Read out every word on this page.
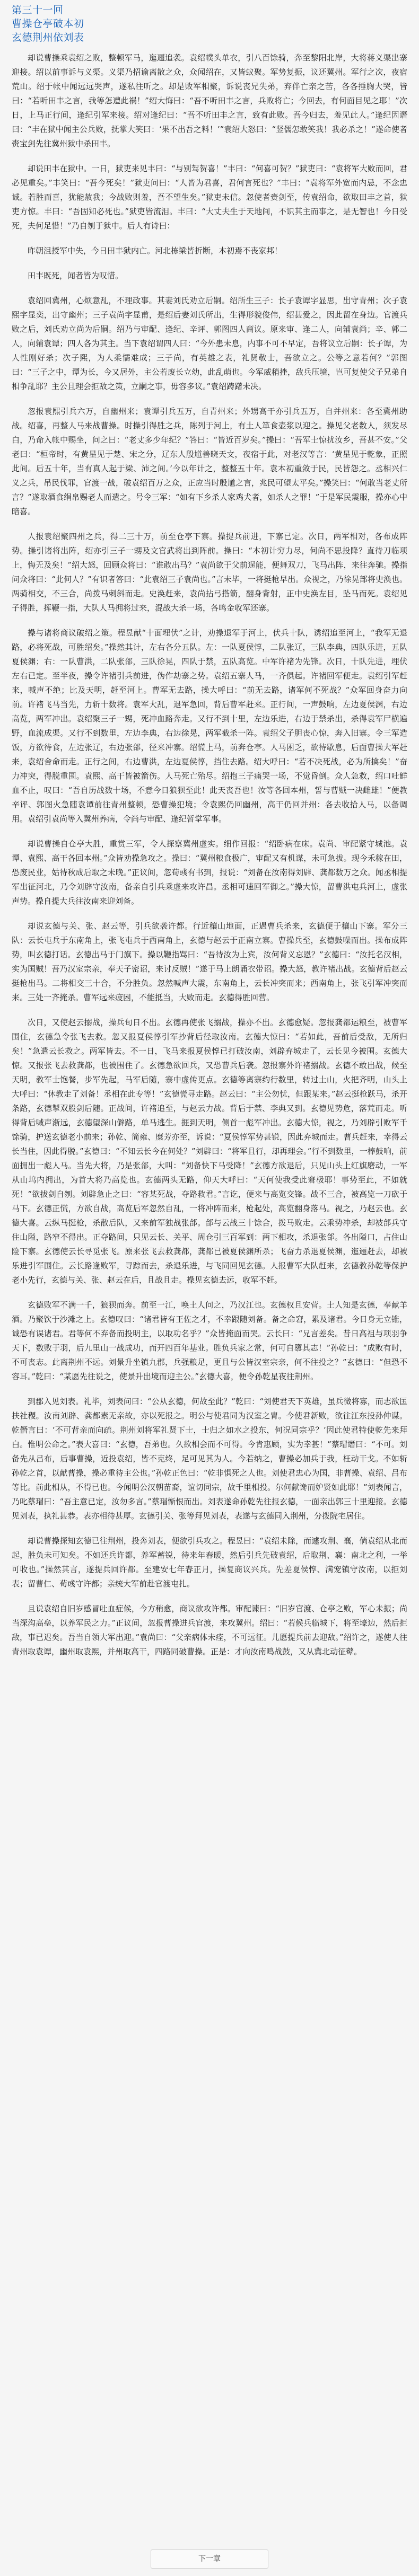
第三十一回
曹操仓亭破本初
玄德荆州依刘表

却说曹操乘袁绍之败，整顿军马，迤逦追袭。袁绍幞头单衣，引八百馀骑，奔至黎阳北岸，大将蒋义渠出寨迎接。绍以前事诉与义渠。义渠乃招谕离散之众，众闻绍在，又皆蚁聚。军势复振，议还冀州。军行之次，夜宿荒山。绍于帐中闻远远哭声，遂私往听之。却是败军相聚，诉说丧兄失弟，弃伴亡亲之苦，各各捶胸大哭，皆曰：“若听田丰之言，我等怎遭此祸！”绍大悔曰：“吾不听田丰之言，兵败将亡；今回去，有何面目见之耶！”次日，上马正行间，逢纪引军来接。绍对逢纪曰：“吾不听田丰之言，致有此败。吾今归去，羞见此人。”逢纪因谮曰：“丰在狱中闻主公兵败，抚掌大笑曰：‘果不出吾之料！’”袁绍大怒曰：“竖儒怎敢笑我！我必杀之！”遂命使者赍宝剑先往冀州狱中杀田丰。

却说田丰在狱中。一日，狱吏来见丰曰：“与别驾贺喜！”丰曰：“何喜可贺？”狱吏曰：“袁将军大败而回，君必见重矣。”丰笑曰：“吾今死矣！”狱吏问曰：“人皆为君喜，君何言死也？”丰曰：“袁将军外宽而内忌，不念忠诚。若胜而喜，犹能赦我；今战败则羞，吾不望生矣。”狱吏未信。忽使者赍剑至，传袁绍命，欲取田丰之首，狱吏方惊。丰曰：“吾固知必死也。”狱吏皆流泪。丰曰：“大丈夫生于天地间，不识其主而事之，是无智也！今日受死，夫何足惜！”乃自刎于狱中。后人有诗曰：

昨朝沮授军中失，今日田丰狱内亡。河北栋梁皆折断，本初焉不丧家邦！

田丰既死，闻者皆为叹惜。

袁绍回冀州，心烦意乱，不理政事。其妻刘氏劝立后嗣。绍所生三子：长子袁谭字显思，出守青州；次子袁熙字显奕，出守幽州；三子袁尚字显甫，是绍后妻刘氏所出，生得形貌俊伟，绍甚爱之，因此留在身边。官渡兵败之后，刘氏劝立尚为后嗣。绍乃与审配、逢纪、辛评、郭图四人商议。原来审、逢二人，向辅袁尚；辛、郭二人，向辅袁谭；四人各为其主。当下袁绍谓四人曰：“今外患未息，内事不可不早定，吾将议立后嗣：长子谭，为人性刚好杀；次子熙，为人柔懦难成；三子尚，有英雄之表，礼贤敬士，吾欲立之。公等之意若何？”郭图曰：“三子之中，谭为长，今又居外，主公若废长立幼，此乱萌也。今军威稍挫，敌兵压境，岂可复使父子兄弟自相争乱耶？主公且理会拒敌之策，立嗣之事，毋容多议。”袁绍踌躇未决。

忽报袁熙引兵六万，自幽州来；袁谭引兵五万，自青州来；外甥高干亦引兵五万，自并州来：各至冀州助战。绍喜，再整人马来战曹操。时操引得胜之兵，陈列于河上，有土人箪食壶浆以迎之。操见父老数人，须发尽白，乃命入帐中赐坐，问之曰：“老丈多少年纪？”答曰：“皆近百岁矣。”操曰：“吾军士惊扰汝乡，吾甚不安。”父老曰：“桓帝时，有黄星见于楚、宋之分，辽东人殷馗善晓天文，夜宿于此，对老汉等言：‘黄星见于乾象，正照此间。后五十年，当有真人起于梁、沛之间。’今以年计之，整整五十年。袁本初重敛于民，民皆怨之。丞相兴仁义之兵，吊民伐罪，官渡一战，破袁绍百万之众，正应当时殷馗之言，兆民可望太平矣。”操笑曰：“何敢当老丈所言？”遂取酒食绢帛赐老人而遣之。号令三军：“如有下乡杀人家鸡犬者，如杀人之罪！”于是军民震服，操亦心中暗喜。

人报袁绍聚四州之兵，得二三十万，前至仓亭下寨。操提兵前进，下寨已定。次日，两军相对，各布成阵势。操引诸将出阵，绍亦引三子一甥及文官武将出到阵前。操曰：“本初计穷力尽，何尚不思投降？直待刀临项上，悔无及矣！”绍大怒，回顾众将曰：“谁敢出马？”袁尚欲于父前逞能，便舞双刀，飞马出阵，来往奔驰。操指问众将曰：“此何人？”有识者答曰：“此袁绍三子袁尚也。”言未毕，一将挺枪早出。众视之，乃徐晃部将史涣也。两骑相交，不三合，尚拨马刺斜而走。史涣赶来，袁尚拈弓搭箭，翻身背射，正中史涣左目，坠马而死。袁绍见子得胜，挥鞭一指，大队人马拥将过来，混战大杀一场，各鸣金收军还寨。

操与诸将商议破绍之策。程昱献“十面埋伏”之计，劝操退军于河上，伏兵十队，诱绍追至河上，“我军无退路，必将死战，可胜绍矣。”操然其计，左右各分五队。左：一队夏侯惇，二队张辽，三队李典，四队乐进，五队夏侯渊；右：一队曹洪，二队张郃，三队徐晃，四队于禁，五队高览。中军许褚为先锋。次日，十队先进，埋伏左右已定。至半夜，操令许褚引兵前进，伪作劫寨之势。袁绍五寨人马，一齐俱起。许褚回军便走。袁绍引军赶来，喊声不绝；比及天明，赶至河上。曹军无去路，操大呼曰：“前无去路，诸军何不死战？”众军回身奋力向前。许褚飞马当先，力斩十数将。袁军大乱，退军急回，背后曹军赶来。正行间，一声鼓响，左边夏侯渊，右边高览，两军冲出。袁绍聚三子一甥，死冲血路奔走。又行不到十里，左边乐进，右边于禁杀出，杀得袁军尸横遍野，血流成渠。又行不到数里，左边李典，右边徐晃，两军截杀一阵。袁绍父子胆丧心惊，奔入旧寨。令三军造饭，方欲待食，左边张辽，右边张郃，径来冲寨。绍慌上马，前奔仓亭。人马困乏，欲待歇息，后面曹操大军赶来，袁绍舍命而走。正行之间，右边曹洪，左边夏侯惇，挡住去路。绍大呼曰：“若不决死战，必为所擒矣！”奋力冲突，得脱重围。袁熙、高干皆被箭伤。人马死亡殆尽。绍抱三子痛哭一场，不觉昏倒。众人急救，绍口吐鲜血不止，叹曰：“吾自历战数十场，不意今日狼狈至此！此天丧吾也！汝等各回本州，誓与曹贼一决雌雄！”便教辛评、郭图火急随袁谭前往青州整顿，恐曹操犯境；令袁熙仍回幽州，高干仍回并州：各去收拾人马，以备调用。袁绍引袁尚等入冀州养病，令尚与审配、逢纪暂掌军事。

却说曹操自仓亭大胜，重赏三军，令人探察冀州虚实。细作回报：“绍卧病在床。袁尚、审配紧守城池。袁谭、袁熙、高干各回本州。”众皆劝操急攻之。操曰：“冀州粮食极广，审配又有机谋，未可急拔。现今禾稼在田，恐废民业，姑待秋成后取之未晚。”正议间，忽荀彧有书到，报说：“刘备在汝南得刘辟、龚都数万之众。闻丞相提军出征河北，乃令刘辟守汝南，备亲自引兵乘虚来攻许昌。丞相可速回军御之。”操大惊，留曹洪屯兵河上，虚张声势。操自提大兵往汝南来迎刘备。

却说玄德与关、张、赵云等，引兵欲袭许都。行近穰山地面，正遇曹兵杀来，玄德便于穰山下寨。军分三队：云长屯兵于东南角上，张飞屯兵于西南角上，玄德与赵云于正南立寨。曹操兵至，玄德鼓噪而出。操布成阵势，叫玄德打话。玄德出马于门旗下。操以鞭指骂曰：“吾待汝为上宾，汝何背义忘恩？”玄德曰：“汝托名汉相，实为国贼！吾乃汉室宗亲，奉天子密诏，来讨反贼！”遂于马上朗诵衣带诏。操大怒，教许褚出战。玄德背后赵云挺枪出马。二将相交三十合，不分胜负。忽然喊声大震，东南角上，云长冲突而来；西南角上，张飞引军冲突而来。三处一齐掩杀。曹军远来疲困，不能抵当，大败而走。玄德得胜回营。

次日，又使赵云搦战，操兵旬日不出。玄德再使张飞搦战，操亦不出。玄德愈疑。忽报龚都运粮至，被曹军围住，玄德急令张飞去救。忽又报夏侯惇引军抄背后径取汝南。玄德大惊曰：“若如此，吾前后受敌，无所归矣！”急遣云长救之。两军皆去。不一日，飞马来报夏侯惇已打破汝南，刘辟弃城走了，云长见今被围。玄德大惊。又报张飞去救龚都，也被围住了。玄德急欲回兵，又恐曹兵后袭。忽报寨外许褚搦战。玄德不敢出战，候至天明，教军士饱餐，步军先起，马军后随，寨中虚传更点。玄德等离寨约行数里，转过土山，火把齐明，山头上大呼曰：“休教走了刘备！丞相在此专等！”玄德慌寻走路。赵云曰：“主公勿忧，但跟某来。”赵云挺枪跃马，杀开条路，玄德掣双股剑后随。正战间，许褚追至，与赵云力战。背后于禁、李典又到。玄德见势危，落荒而走。听得背后喊声渐远，玄德望深山僻路，单马逃生。捱到天明，侧首一彪军冲出。玄德大惊，视之，乃刘辟引败军千馀骑，护送玄德老小前来；孙乾、简雍、糜芳亦至，诉说：“夏侯惇军势甚锐，因此弃城而走。曹兵赶来，幸得云长当住，因此得脱。”玄德曰：“不知云长今在何处？”刘辟曰：“将军且行，却再理会。”行不到数里，一棒鼓响，前面拥出一彪人马。当先大将，乃是张郃，大叫：“刘备快下马受降！”玄德方欲退后，只见山头上红旗磨动，一军从山坞内拥出，为首大将乃高览也。玄德两头无路，仰天大呼曰：“天何使我受此窘极耶！事势至此，不如就死！”欲拔剑自刎。刘辟急止之曰：“容某死战，夺路救君。”言讫，便来与高览交锋。战不三合，被高览一刀砍于马下。玄德正慌，方欲自战，高览后军忽然自乱，一将冲阵而来，枪起处，高览翻身落马。视之，乃赵云也。玄德大喜。云纵马挺枪，杀散后队，又来前军独战张郃。郃与云战三十馀合，拨马败走。云乘势冲杀，却被郃兵守住山隘，路窄不得出。正夺路间，只见云长、关平、周仓引三百军到：两下相攻，杀退张郃。各出隘口，占住山险下寨。玄德使云长寻觅张飞。原来张飞去救龚都，龚都已被夏侯渊所杀；飞奋力杀退夏侯渊，迤逦赶去，却被乐进引军围住。云长路逢败军，寻踪而去，杀退乐进，与飞同回见玄德。人报曹军大队赶来，玄德教孙乾等保护老小先行，玄德与关、张、赵云在后，且战且走。操见玄德去远，收军不赶。

玄德败军不满一千，狼狈而奔。前至一江，唤土人问之，乃汉江也。玄德权且安营。土人知是玄德，奉献羊酒。乃聚饮于沙滩之上。玄德叹曰：“诸君皆有王佐之才，不幸跟随刘备。备之命窘，累及诸君。今日身无立锥，诚恐有误诸君。君等何不弃备而投明主，以取功名乎？”众皆掩面而哭。云长曰：“兄言差矣。昔日高祖与项羽争天下，数败于羽，后九里山一战成功，而开四百年基业。胜负兵家之常，何可自隳其志！”孙乾曰：“成败有时，不可丧志。此离荆州不远。刘景升坐镇九郡，兵强粮足，更且与公皆汉室宗亲，何不往投之？”玄德曰：“但恐不容耳。”乾曰：“某愿先往说之，使景升出境而迎主公。”玄德大喜，便令孙乾星夜往荆州。

到郡入见刘表。礼毕，刘表问曰：“公从玄德，何故至此？”乾曰：“刘使君天下英雄，虽兵微将寡，而志欲匡扶社稷。汝南刘辟、龚都素无亲故，亦以死报之。明公与使君同为汉室之胄。今使君新败，欲往江东投孙仲谋。乾僭言曰：‘不可背亲而向疏。荆州刘将军礼贤下士，士归之如水之投东，何况同宗乎？’因此使君特使乾先来拜白。惟明公命之。”表大喜曰：“玄德，吾弟也。久欲相会而不可得。今肯惠顾，实为幸甚！”蔡瑁谮曰：“不可。刘备先从吕布，后事曹操，近投袁绍，皆不克终，足可见其为人。今若纳之，曹操必加兵于我，枉动干戈。不如斩孙乾之首，以献曹操，操必重待主公也。”孙乾正色曰：“乾非惧死之人也。刘使君忠心为国，非曹操、袁绍、吕布等比。前此相从，不得已也。今闻明公汉朝苗裔，谊切同宗，故千里相投。尔何献谗而妒贤如此耶！”刘表闻言，乃叱蔡瑁曰：“吾主意已定，汝勿多言。”蔡瑁惭恨而出。刘表遂命孙乾先往报玄德，一面亲出郭三十里迎接。玄德见刘表，执礼甚恭。表亦相待甚厚。玄德引关、张等拜见刘表，表遂与玄德同入荆州，分拨院宅居住。

却说曹操探知玄德已往荆州，投奔刘表，便欲引兵攻之。程昱曰：“袁绍未除，而遽攻荆、襄，倘袁绍从北而起，胜负未可知矣。不如还兵许都，养军蓄锐，待来年春暖，然后引兵先破袁绍，后取荆、襄：南北之利，一举可收也。”操然其言，遂提兵回许都。至建安七年春正月，操复商议兴兵。先差夏侯惇、满宠镇守汝南，以拒刘表；留曹仁、荀彧守许都；亲统大军前赴官渡屯扎。

且说袁绍自旧岁感冒吐血症候，今方稍愈，商议欲攻许都。审配谏曰：“旧岁官渡、仓亭之败，军心未振；尚当深沟高垒，以养军民之力。”正议间，忽报曹操进兵官渡，来攻冀州。绍曰：“若候兵临城下，将至壕边，然后拒敌，事已迟矣。吾当自领大军出迎。”袁尚曰：“父亲病体未痊，不可远征。儿愿提兵前去迎敌。”绍许之，遂使人往青州取袁谭，幽州取袁熙，并州取高干，四路同破曹操。正是：才向汝南鸣战鼓，又从冀北动征鼙。

下一章
